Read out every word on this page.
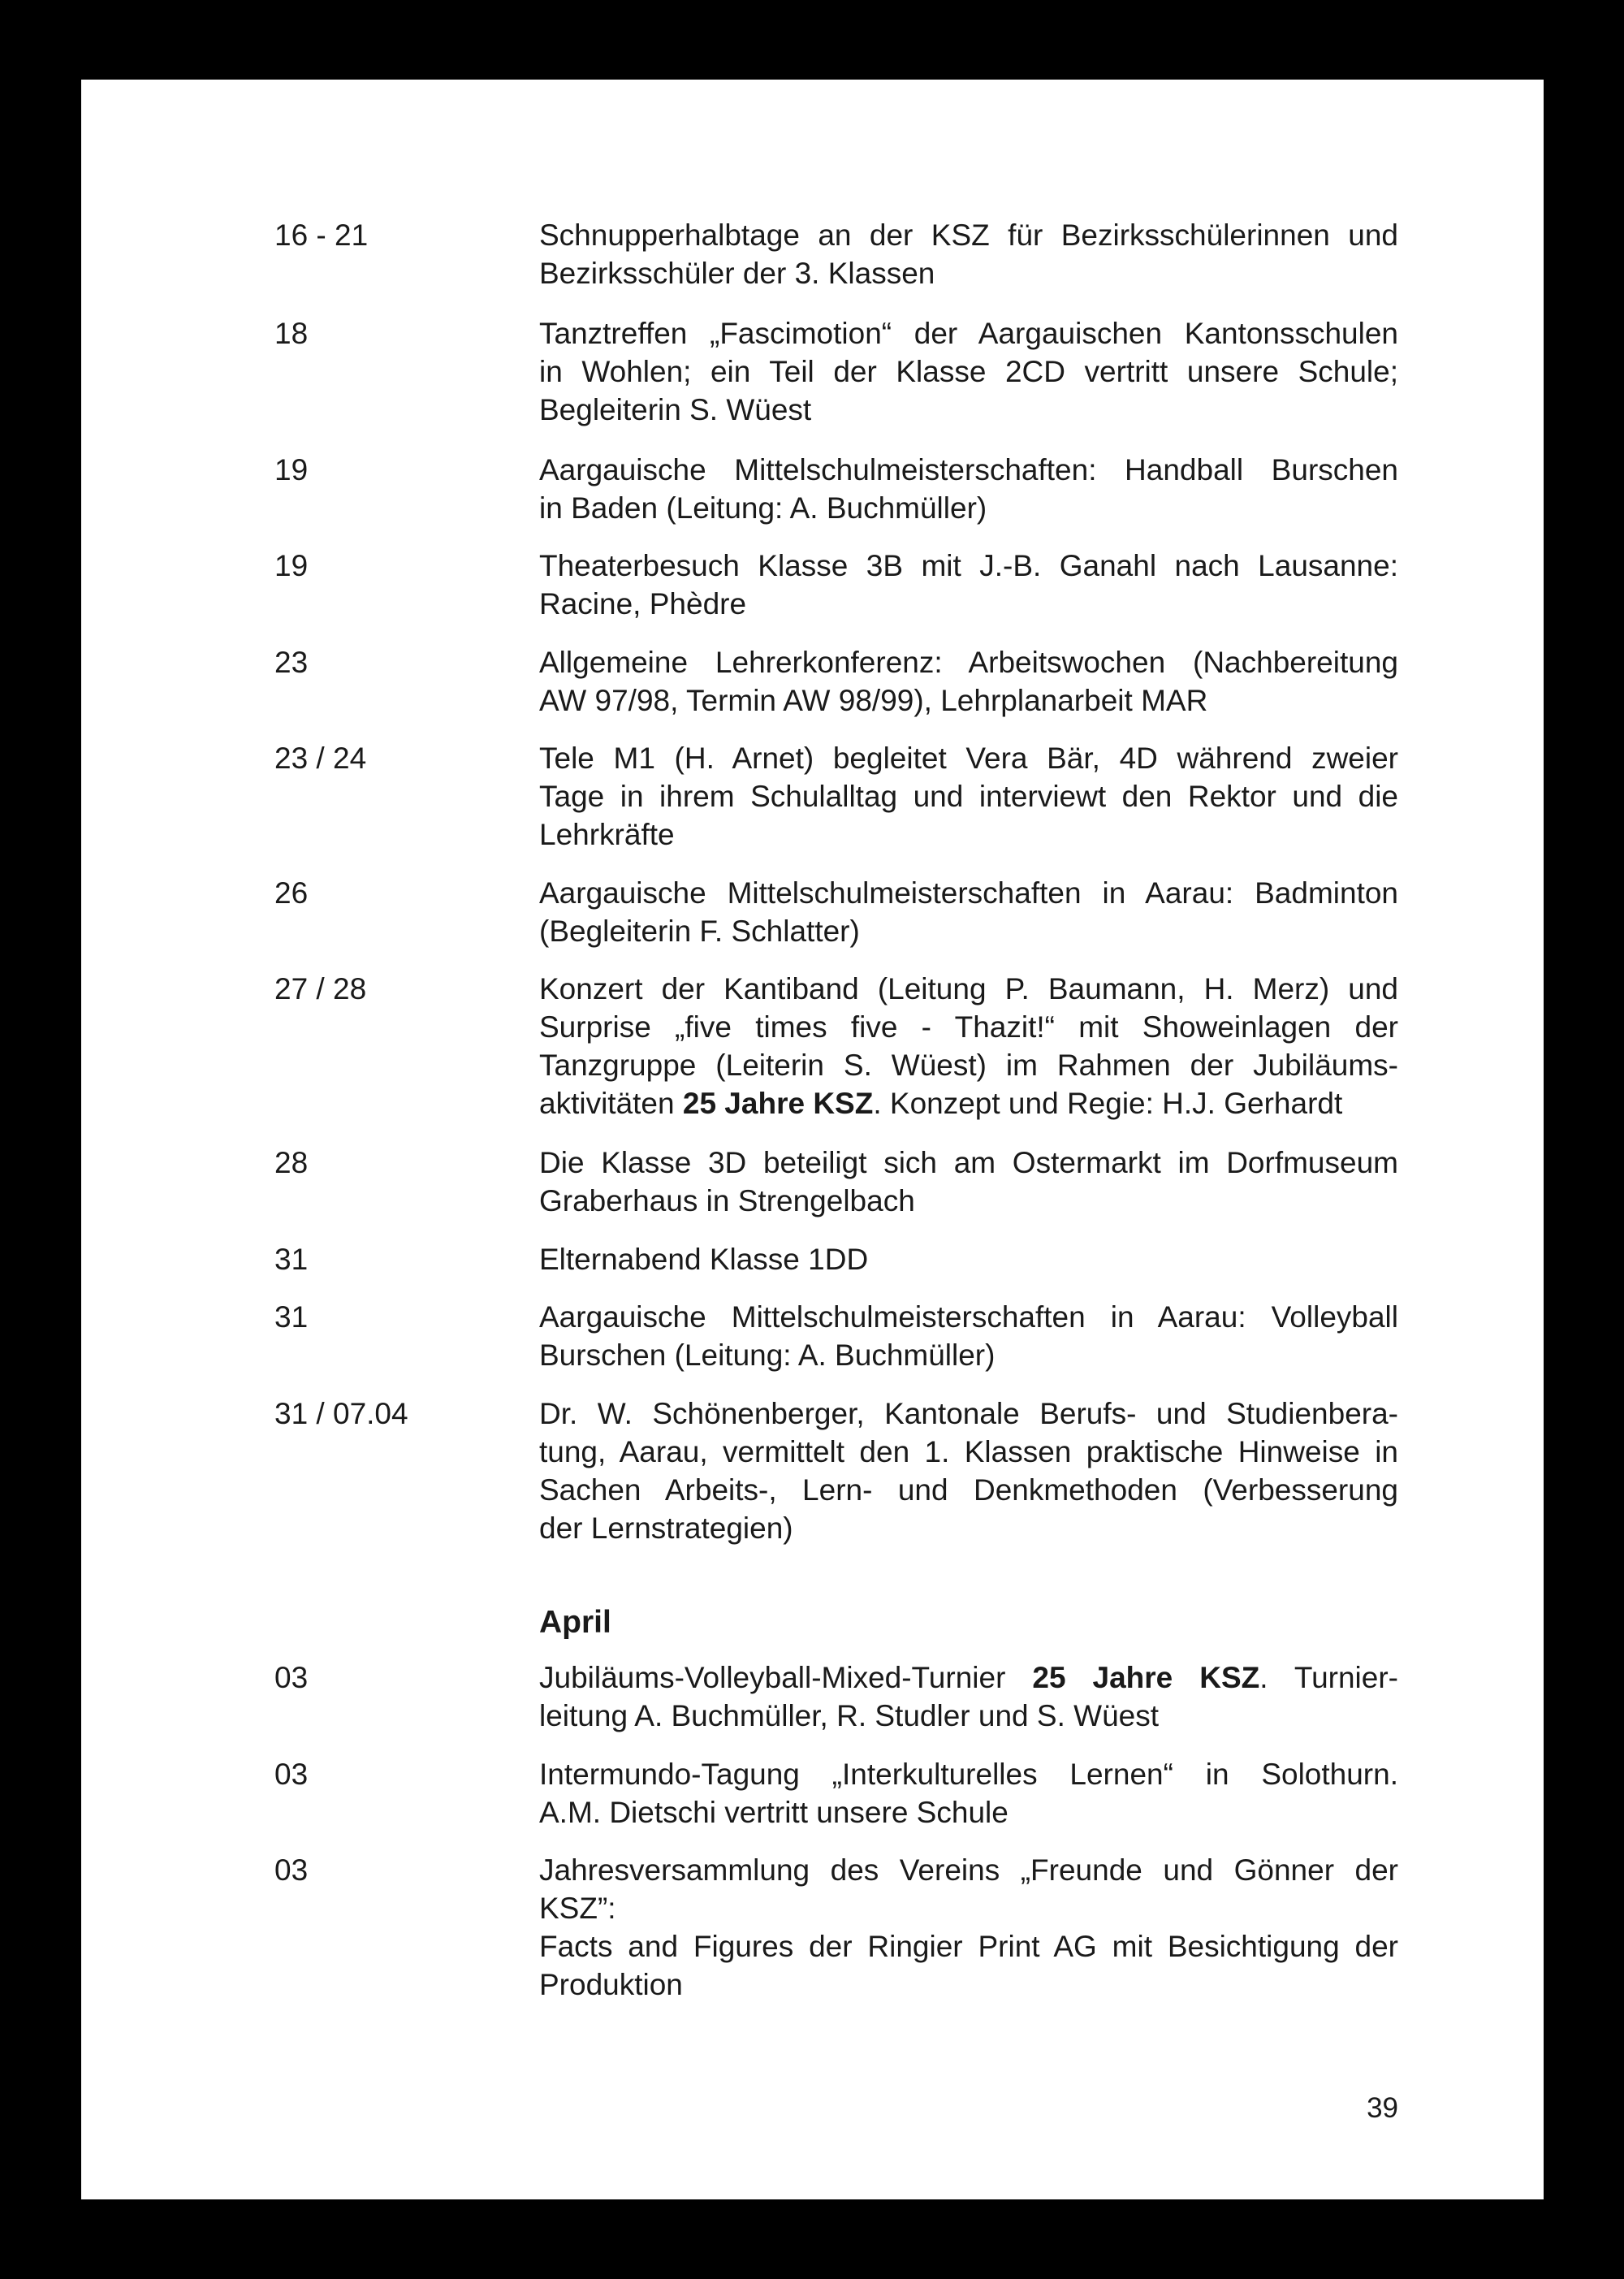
16 - 21	Schnupperhalbtage an der KSZ für Bezirksschülerinnen und
Bezirksschüler der 3. Klassen
18	Tanztreffen „Fascimotion“ der Aargauischen Kantonsschulen
in Wohlen; ein Teil der Klasse 2CD vertritt unsere Schule;
Begleiterin S. Wüest
19	Aargauische Mittelschulmeisterschaften: Handball Burschen
in Baden (Leitung: A. Buchmüller)
19	Theaterbesuch Klasse 3B mit J.-B. Ganahl nach Lausanne:
Racine, Phèdre
23	Allgemeine Lehrerkonferenz: Arbeitswochen (Nachbereitung
AW 97/98, Termin AW 98/99), Lehrplanarbeit MAR
23 / 24	Tele M1 (H. Arnet) begleitet Vera Bär, 4D während zweier
Tage in ihrem Schulalltag und interviewt den Rektor und die
Lehrkräfte
26	Aargauische Mittelschulmeisterschaften in Aarau: Badminton
(Begleiterin F. Schlatter)
27 / 28	Konzert der Kantiband (Leitung P. Baumann, H. Merz) und
Surprise „five times five - Thazit!“ mit Showeinlagen der
Tanzgruppe (Leiterin S. Wüest) im Rahmen der Jubiläums-
aktivitäten 25 Jahre KSZ. Konzept und Regie: H.J. Gerhardt
28	Die Klasse 3D beteiligt sich am Ostermarkt im Dorfmuseum
Graberhaus in Strengelbach
31	Elternabend Klasse 1DD
31	Aargauische Mittelschulmeisterschaften in Aarau: Volleyball
Burschen (Leitung: A. Buchmüller)
31 / 07.04	Dr. W. Schönenberger, Kantonale Berufs- und Studienbera-
tung, Aarau, vermittelt den 1. Klassen praktische Hinweise in
Sachen Arbeits-, Lern- und Denkmethoden (Verbesserung
der Lernstrategien)
April
03	Jubiläums-Volleyball-Mixed-Turnier 25 Jahre KSZ. Turnier-
leitung A. Buchmüller, R. Studler und S. Wüest
03	Intermundo-Tagung „Interkulturelles Lernen“ in Solothurn.
A.M. Dietschi vertritt unsere Schule
03	Jahresversammlung des Vereins „Freunde und Gönner der
KSZ”:
Facts and Figures der Ringier Print AG mit Besichtigung der
Produktion
39
